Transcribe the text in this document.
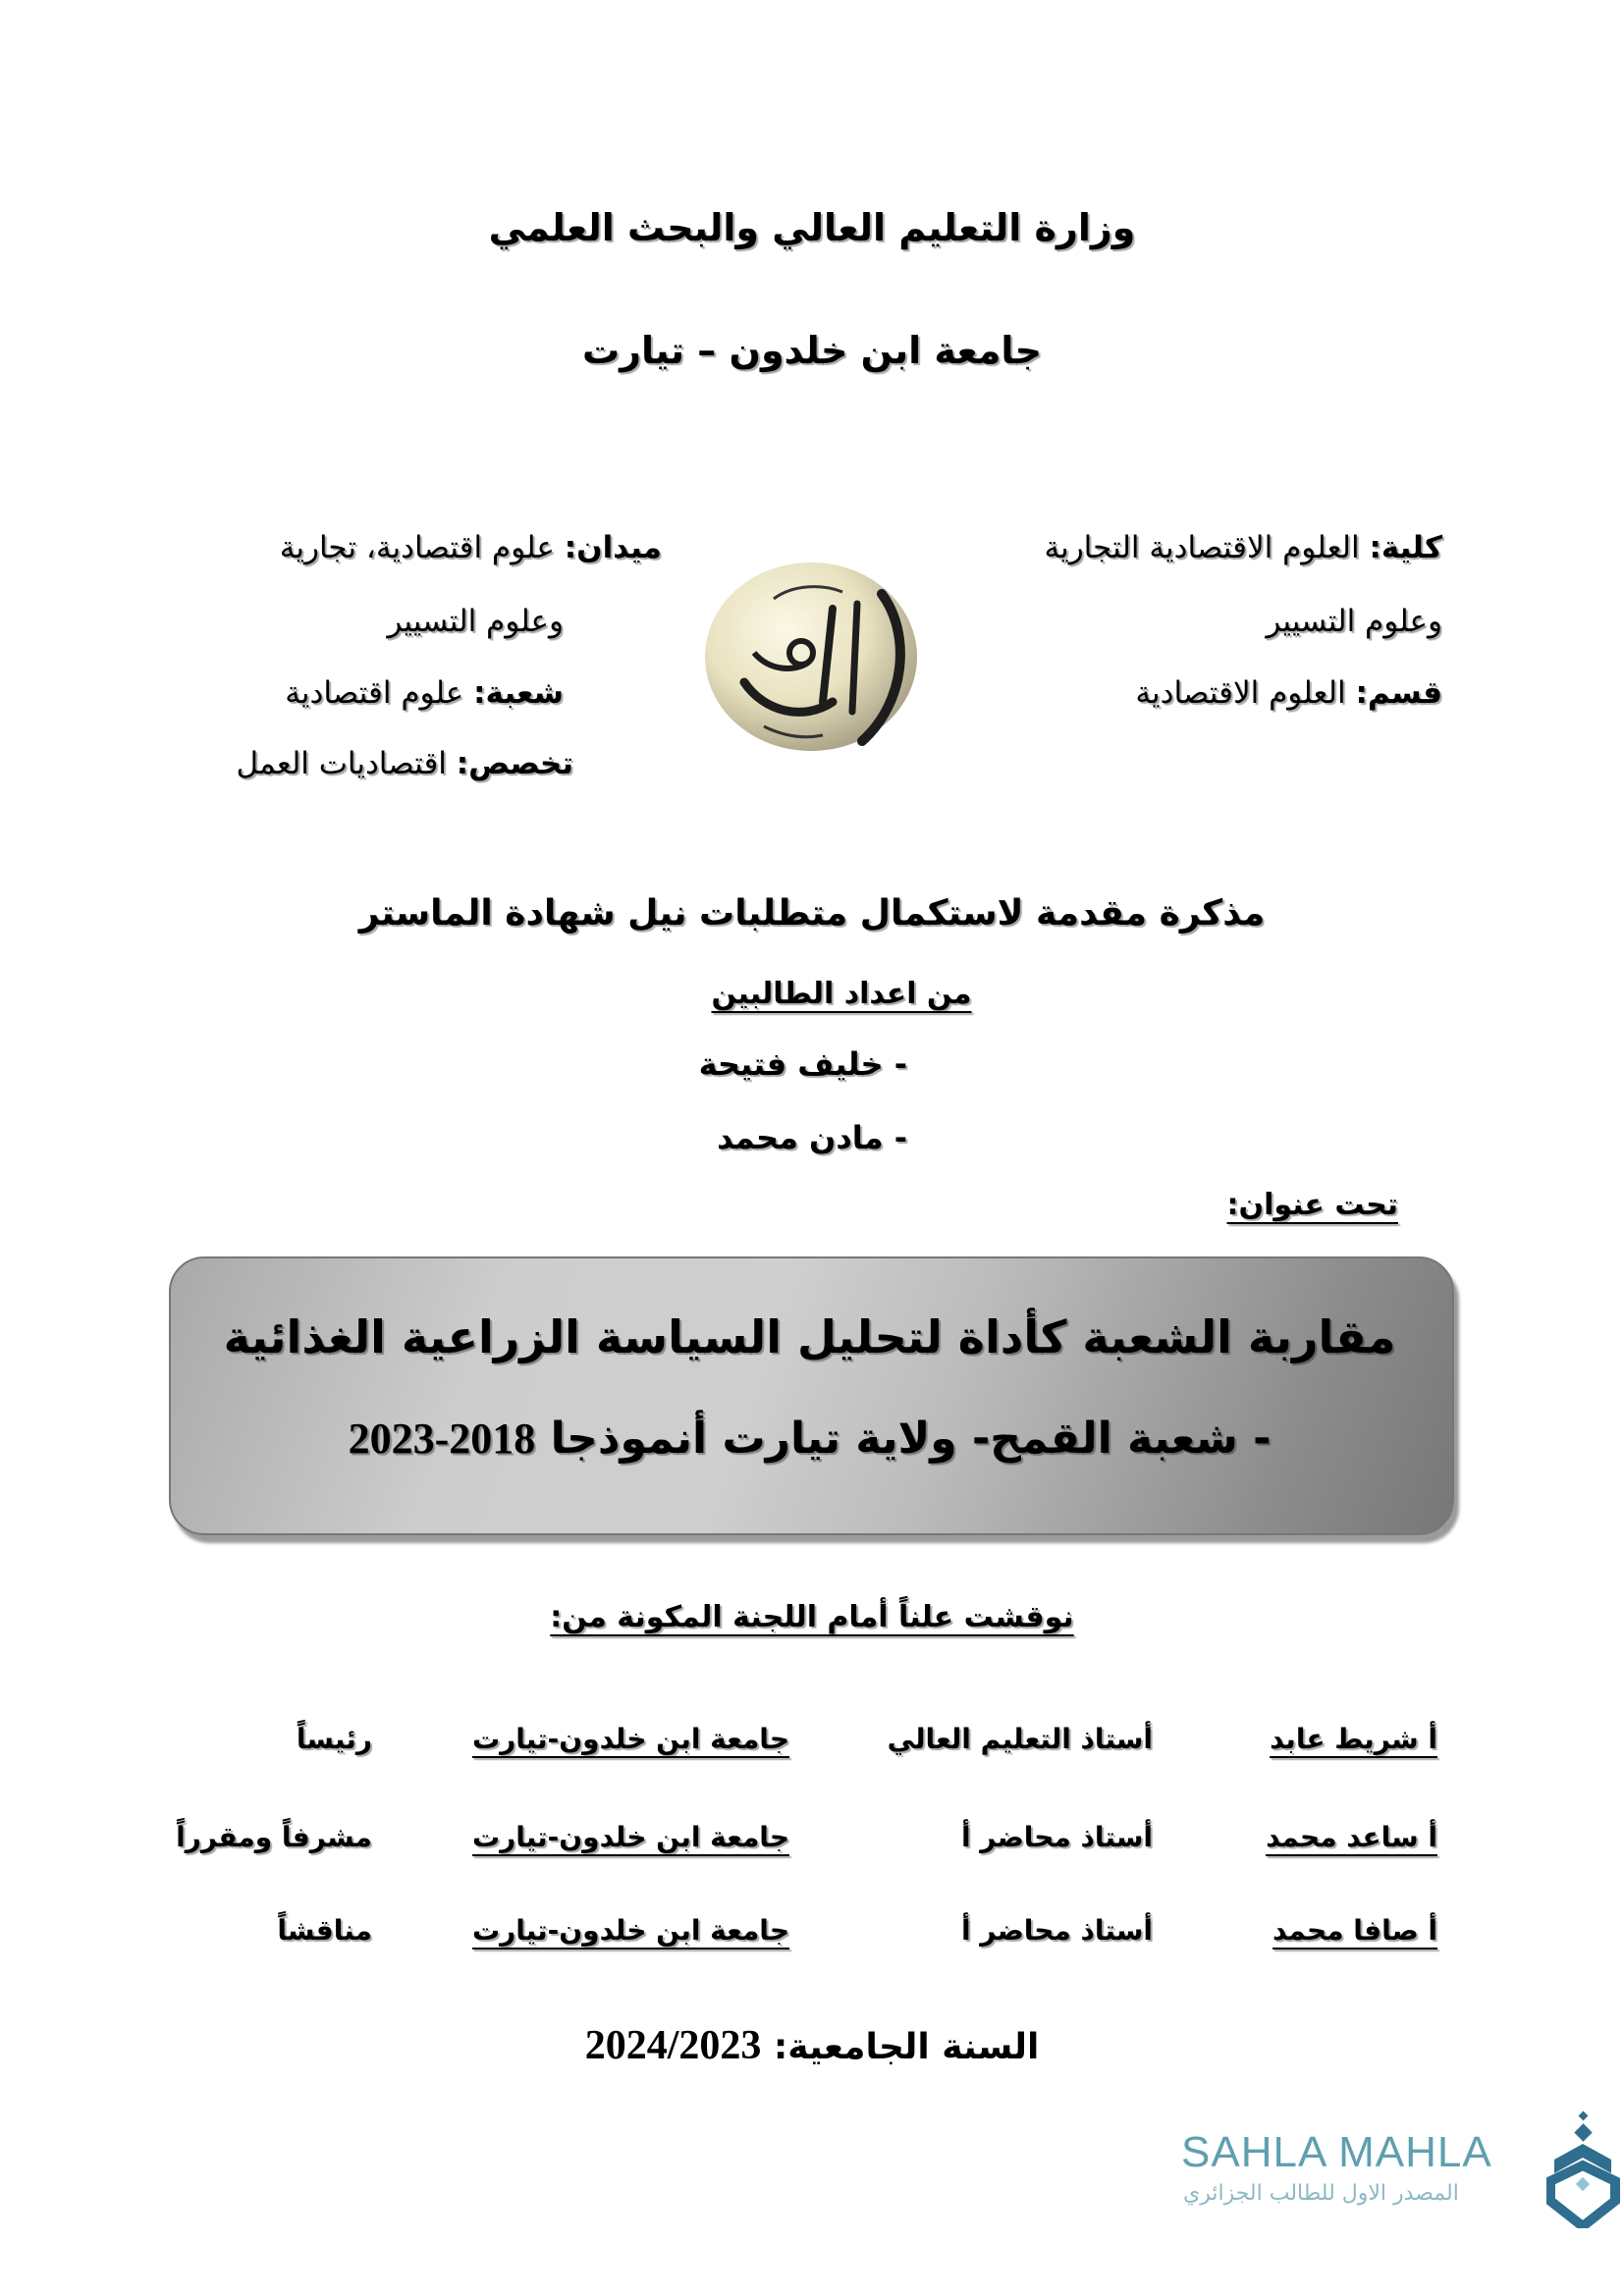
وزارة التعليم العالي والبحث العلمي
جامعة ابن خلدون – تيارت
كلية: العلوم الاقتصادية التجارية
وعلوم التسيير
قسم: العلوم الاقتصادية
ميدان: علوم اقتصادية، تجارية
وعلوم التسيير
شعبة: علوم اقتصادية
تخصص: اقتصاديات العمل
مذكرة مقدمة لاستكمال متطلبات نيل شهادة الماستر
من اعداد الطالبين
- خليف فتيحة
- مادن محمد
تحت عنوان:
مقاربة الشعبة كأداة لتحليل السياسة الزراعية الغذائية
- شعبة القمح- ولاية تيارت أنموذجا 2018-2023
نوقشت علناً أمام اللجنة المكونة من:
أ شريط عابد
أستاذ التعليم العالي
جامعة ابن خلدون-تيارت
رئيساً
أ ساعد محمد
أستاذ محاضر أ
جامعة ابن خلدون-تيارت
مشرفاً ومقرراً
أ صافا محمد
أستاذ محاضر أ
جامعة ابن خلدون-تيارت
مناقشاً
السنة الجامعية: 2024/2023
SAHLA MAHLA
المصدر الاول للطالب الجزائري
